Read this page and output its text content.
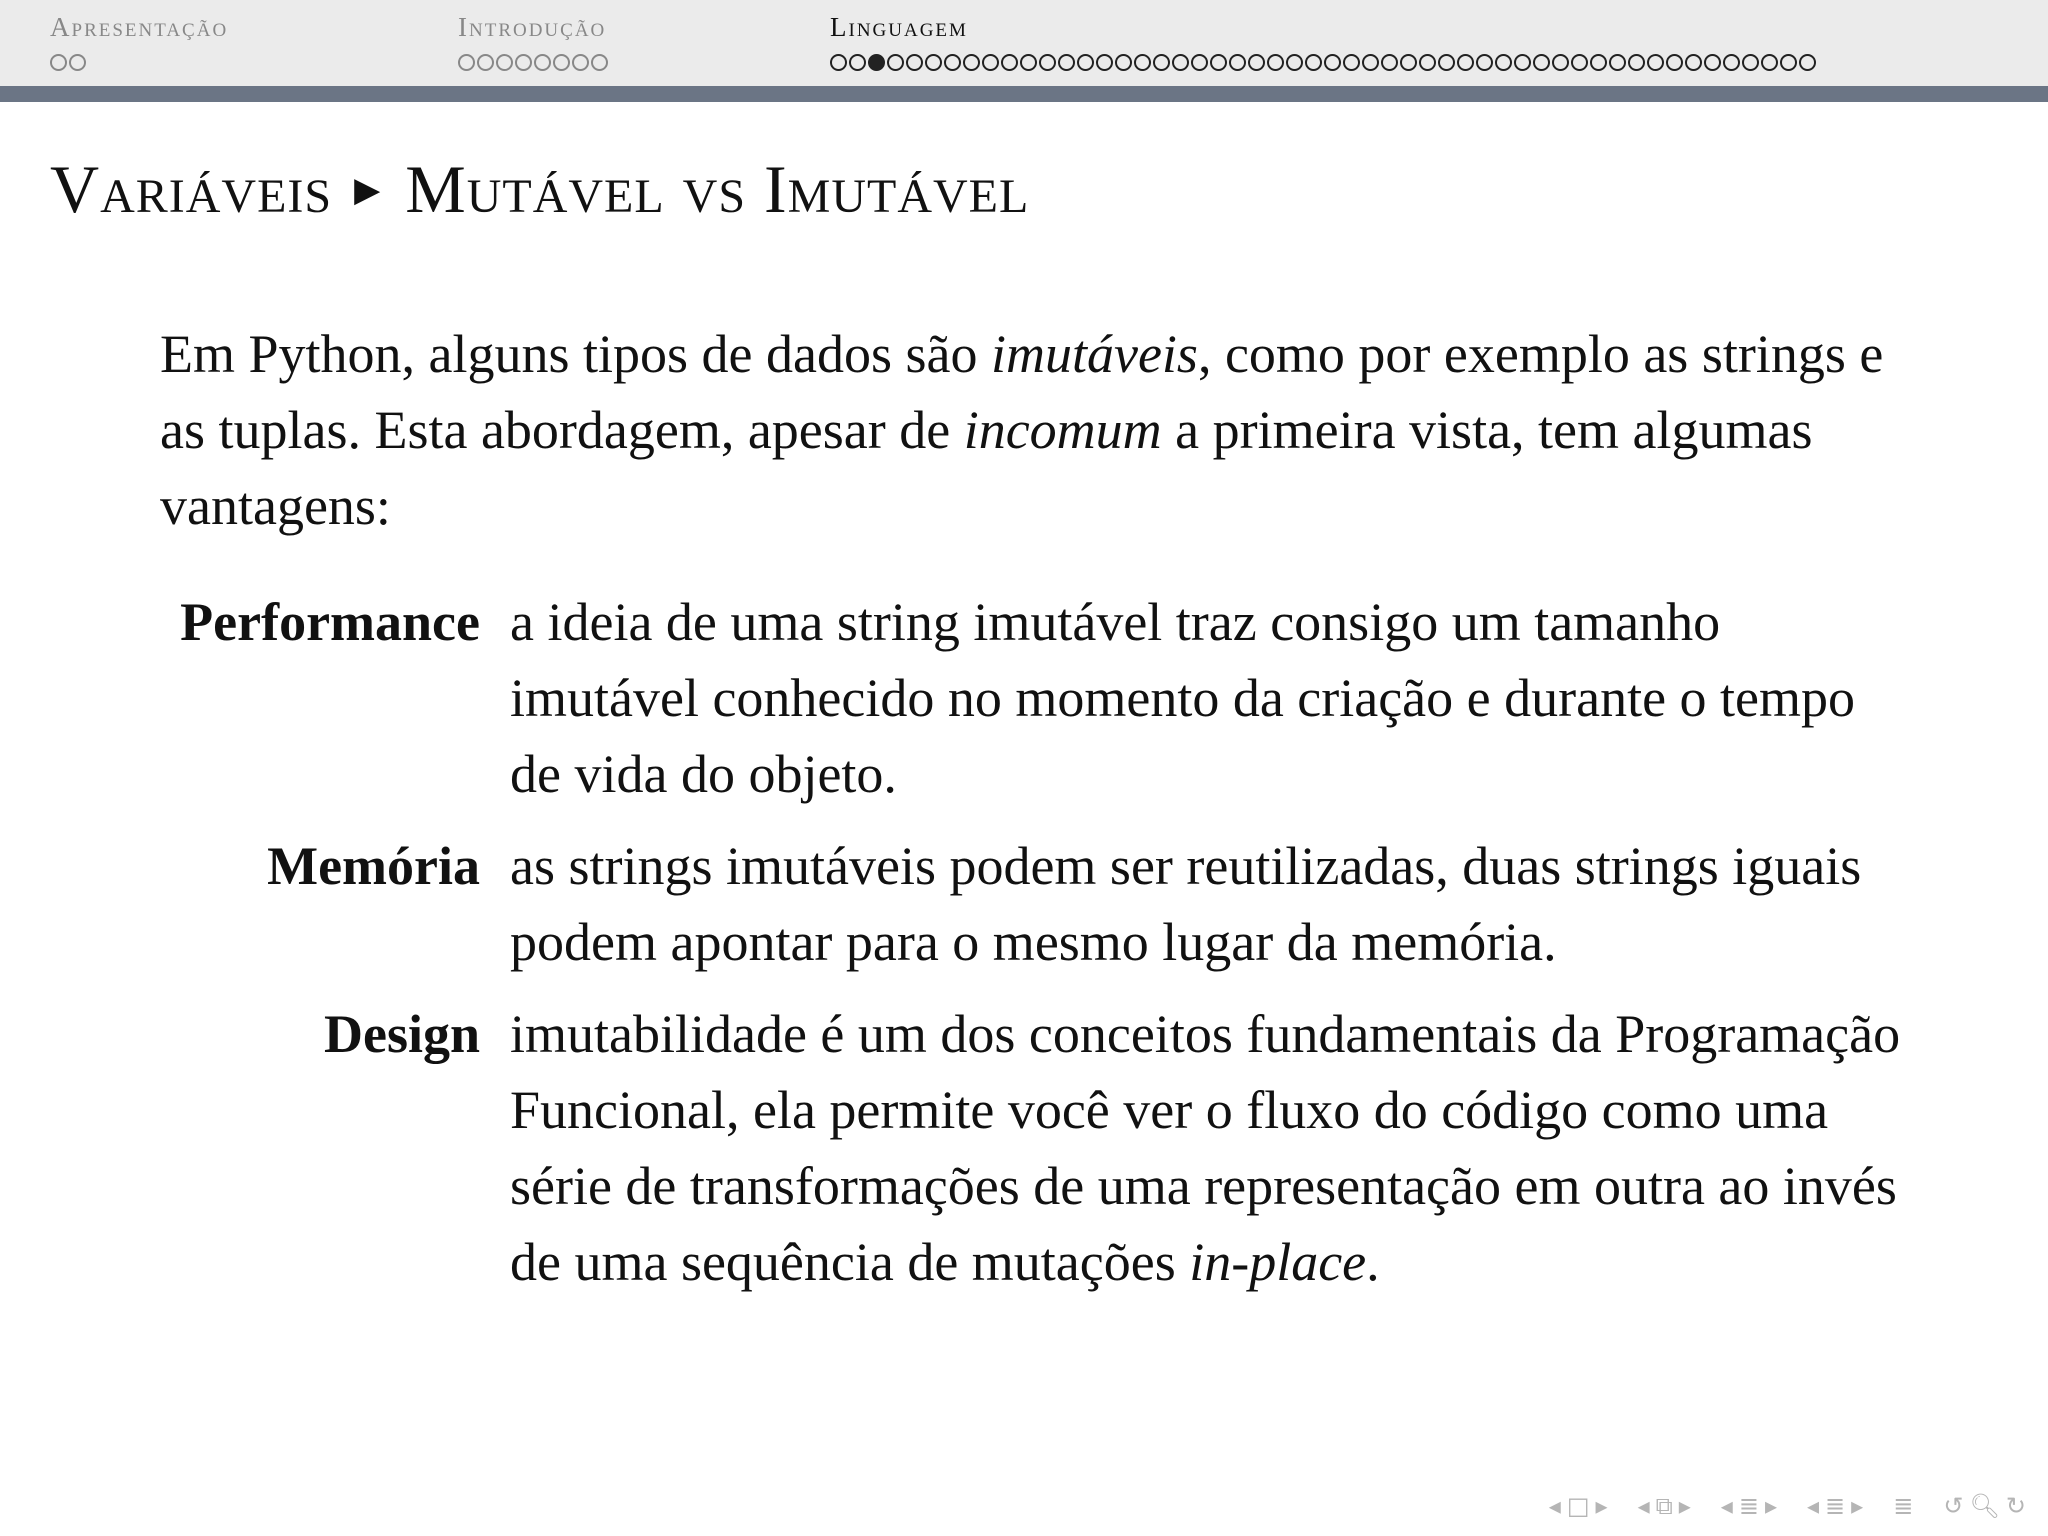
Apresentação	Introdução	Linguagem
Variáveis ▶ Mutável vs Imutável

Em Python, alguns tipos de dados são imutáveis, como por exemplo as strings e as tuplas. Esta abordagem, apesar de incomum a primeira vista, tem algumas vantagens:

Performance a ideia de uma string imutável traz consigo um tamanho imutável conhecido no momento da criação e durante o tempo de vida do objeto.
Memória as strings imutáveis podem ser reutilizadas, duas strings iguais podem apontar para o mesmo lugar da memória.
Design imutabilidade é um dos conceitos fundamentais da Programação Funcional, ela permite você ver o fluxo do código como uma série de transformações de uma representação em outra ao invés de uma sequência de mutações in-place.
◂ □ ▸ ◂ ⧉ ▸ ◂ ≣ ▸ ◂ ≣ ▸ ≣ ↺ 🔍︎ ↻
